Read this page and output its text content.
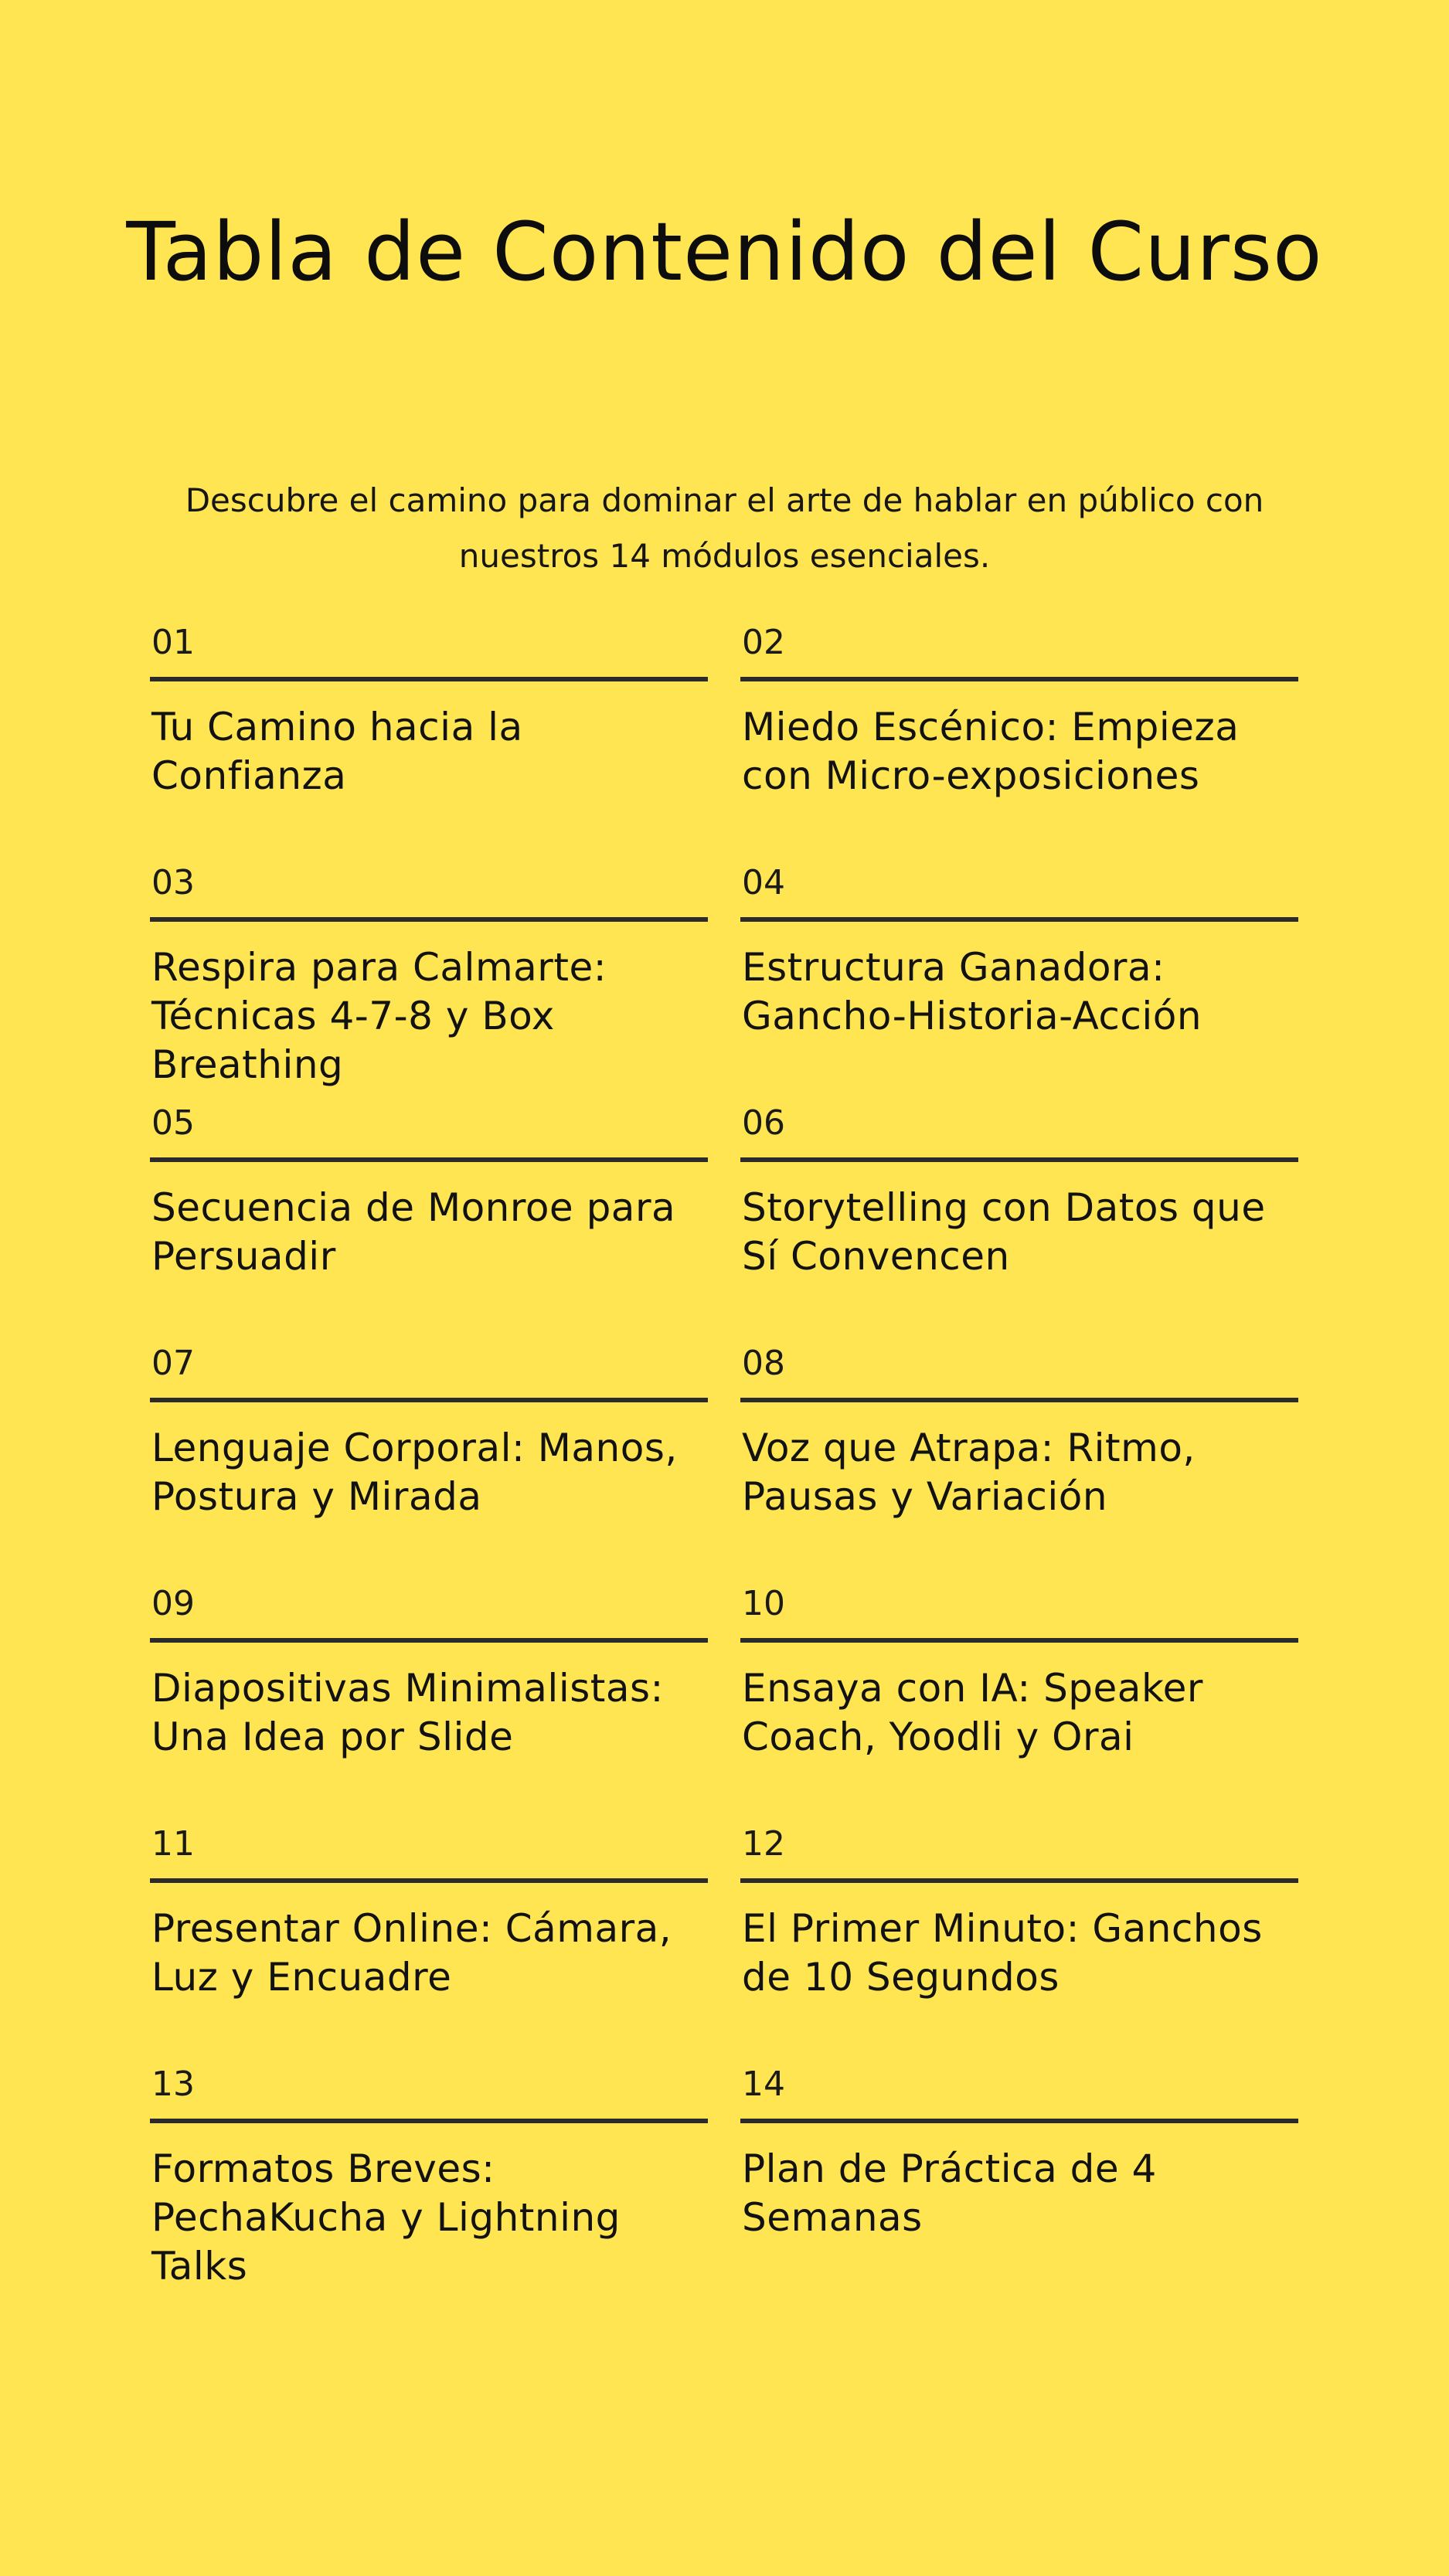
Tabla de Contenido del Curso

Descubre el camino para dominar el arte de hablar en público con nuestros 14 módulos esenciales.

01
Tu Camino hacia la Confianza
02
Miedo Escénico: Empieza con Micro-exposiciones
03
Respira para Calmarte: Técnicas 4-7-8 y Box Breathing
04
Estructura Ganadora: Gancho-Historia-Acción
05
Secuencia de Monroe para Persuadir
06
Storytelling con Datos que Sí Convencen
07
Lenguaje Corporal: Manos, Postura y Mirada
08
Voz que Atrapa: Ritmo, Pausas y Variación
09
Diapositivas Minimalistas: Una Idea por Slide
10
Ensaya con IA: Speaker Coach, Yoodli y Orai
11
Presentar Online: Cámara, Luz y Encuadre
12
El Primer Minuto: Ganchos de 10 Segundos
13
Formatos Breves: PechaKucha y Lightning Talks
14
Plan de Práctica de 4 Semanas
